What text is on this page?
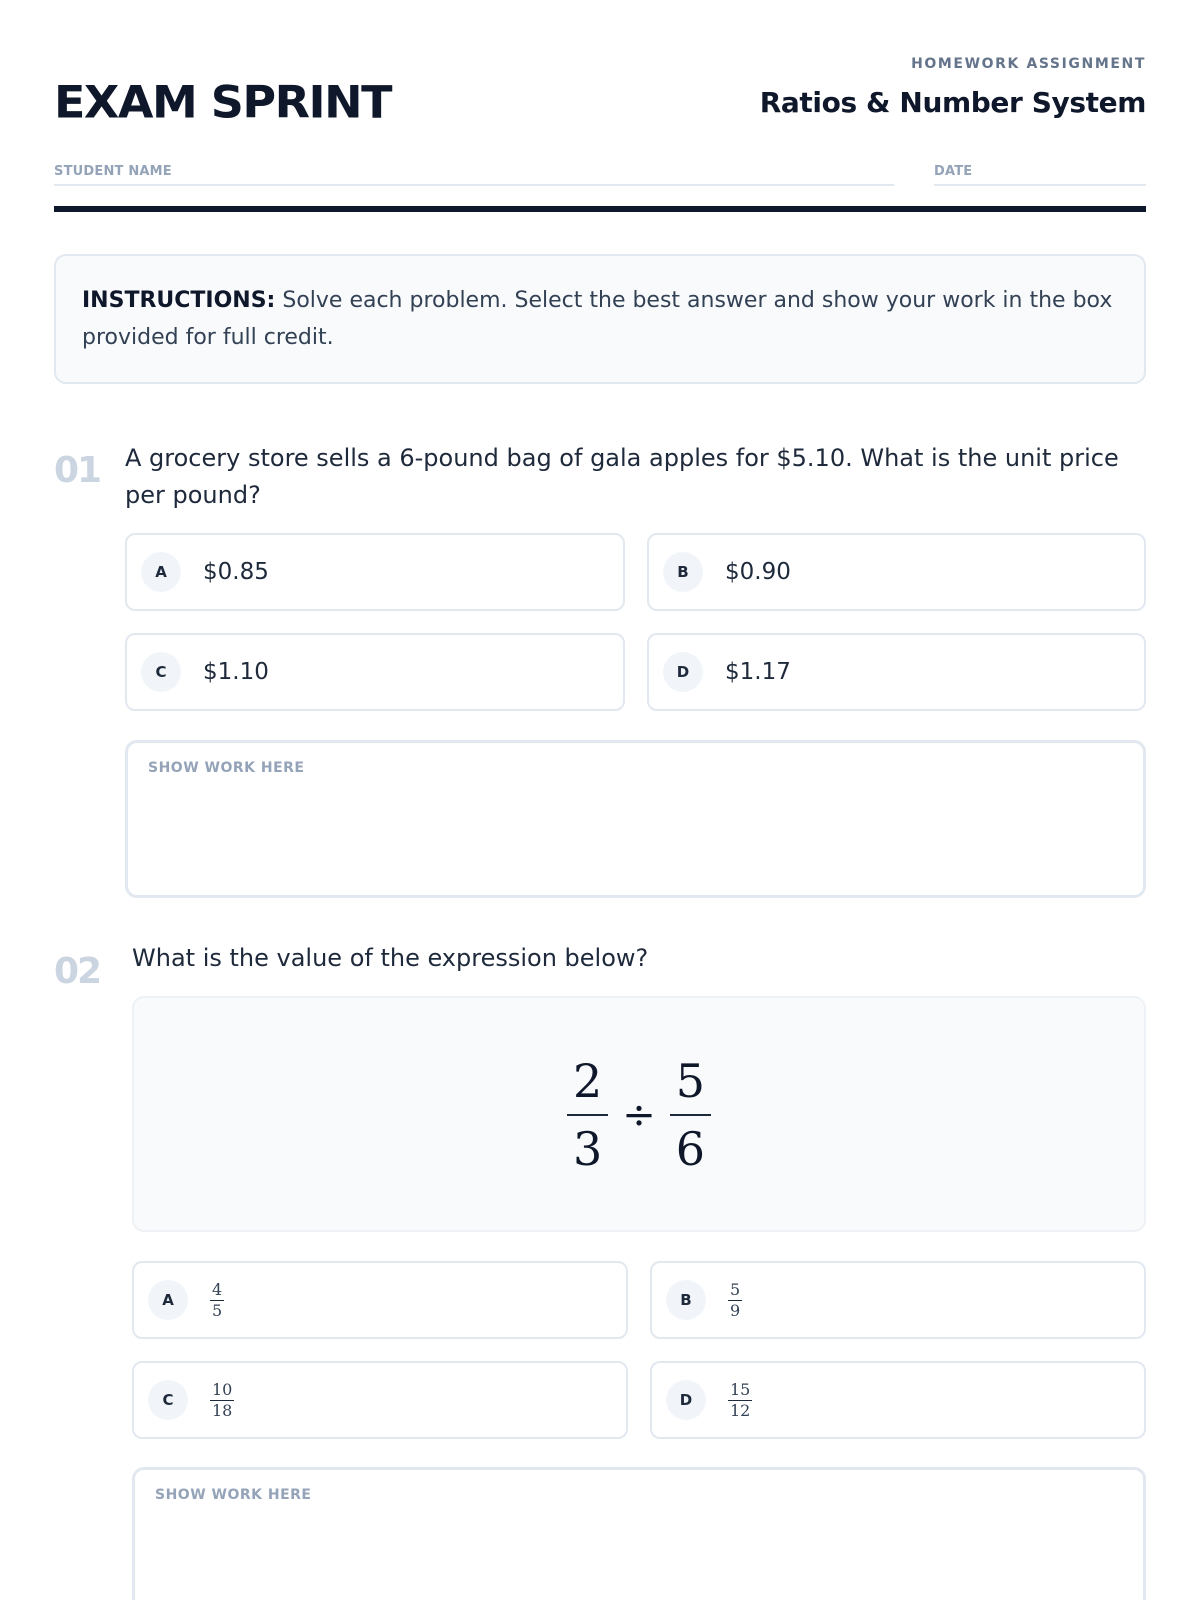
EXAM SPRINT
HOMEWORK ASSIGNMENT
Ratios & Number System
STUDENT NAME	DATE
INSTRUCTIONS: Solve each problem. Select the best answer and show your work in the box provided for full credit.
01 A grocery store sells a 6-pound bag of gala apples for $5.10. What is the unit price per pound?
A	$0.85	B	$0.90
C	$1.10	D	$1.17
SHOW WORK HERE
02 What is the value of the expression below?
$\frac{2}{3} \div \frac{5}{6}$
A	$\frac{4}{5}$	B	$\frac{5}{9}$
C	$\frac{10}{18}$	D	$\frac{15}{12}$
SHOW WORK HERE
